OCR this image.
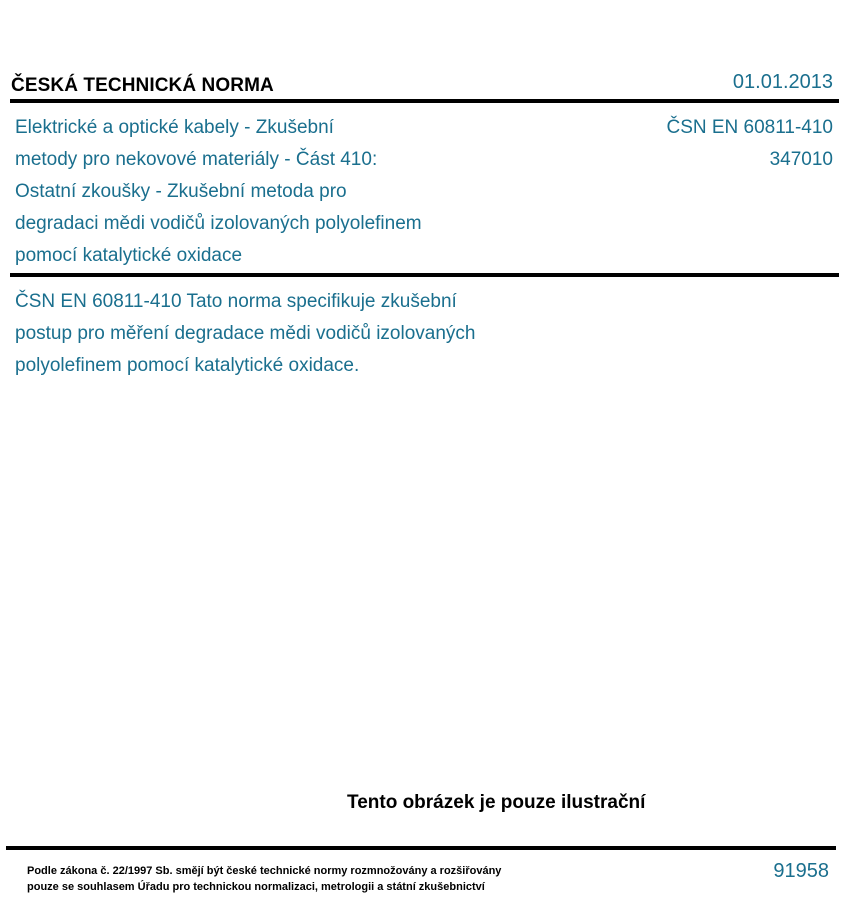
ČESKÁ TECHNICKÁ NORMA	01.01.2013
Elektrické a optické kabely - Zkušební
metody pro nekovové materiály - Část 410:
Ostatní zkoušky - Zkušební metoda pro
degradaci mědi vodičů izolovaných polyolefinem
pomocí katalytické oxidace
ČSN EN 60811-410
347010
ČSN EN 60811-410 Tato norma specifikuje zkušební
postup pro měření degradace mědi vodičů izolovaných
polyolefinem pomocí katalytické oxidace.
Tento obrázek je pouze ilustrační
Podle zákona č. 22/1997 Sb. smějí být české technické normy rozmnožovány a rozšiřovány
pouze se souhlasem Úřadu pro technickou normalizaci, metrologii a státní zkušebnictví
91958
